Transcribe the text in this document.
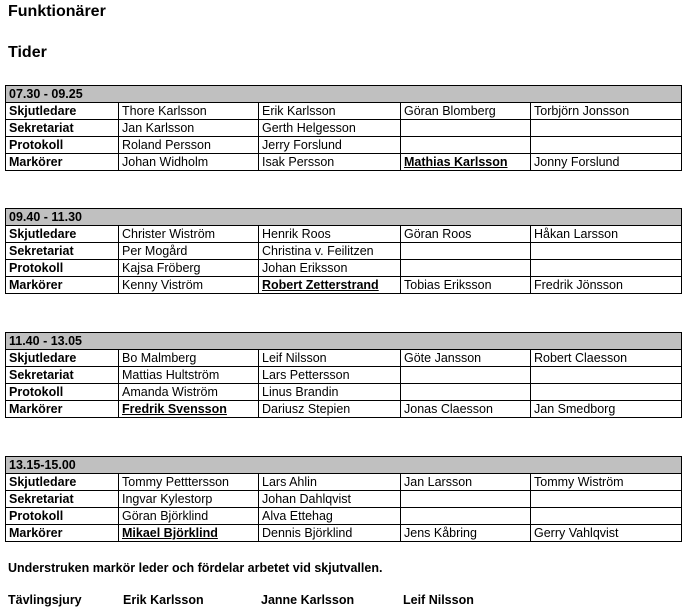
Funktionärer
Tider
07.30 - 09.25				
Skjutledare	Thore Karlsson	Erik Karlsson	Göran Blomberg	Torbjörn Jonsson
Sekretariat	Jan Karlsson	Gerth Helgesson		
Protokoll	Roland Persson	Jerry Forslund		
Markörer	Johan Widholm	Isak Persson	Mathias Karlsson	Jonny Forslund
09.40 - 11.30				
Skjutledare	Christer Wiström	Henrik Roos	Göran Roos	Håkan Larsson
Sekretariat	Per Mogård	Christina v. Feilitzen		
Protokoll	Kajsa Fröberg	Johan Eriksson		
Markörer	Kenny Viström	Robert Zetterstrand	Tobias Eriksson	Fredrik Jönsson
11.40 - 13.05				
Skjutledare	Bo Malmberg	Leif Nilsson	Göte Jansson	Robert Claesson
Sekretariat	Mattias Hultström	Lars Pettersson		
Protokoll	Amanda Wiström	Linus Brandin		
Markörer	Fredrik Svensson	Dariusz Stepien	Jonas Claesson	Jan Smedborg
13.15-15.00				
Skjutledare	Tommy Petttersson	Lars Ahlin	Jan Larsson	Tommy Wiström
Sekretariat	Ingvar Kylestorp	Johan Dahlqvist		
Protokoll	Göran Björklind	Alva Ettehag		
Markörer	Mikael Björklind	Dennis Björklind	Jens Kåbring	Gerry Vahlqvist
Understruken markör leder och fördelar arbetet vid skjutvallen.
Tävlingsjury	Erik Karlsson	Janne Karlsson	Leif Nilsson
